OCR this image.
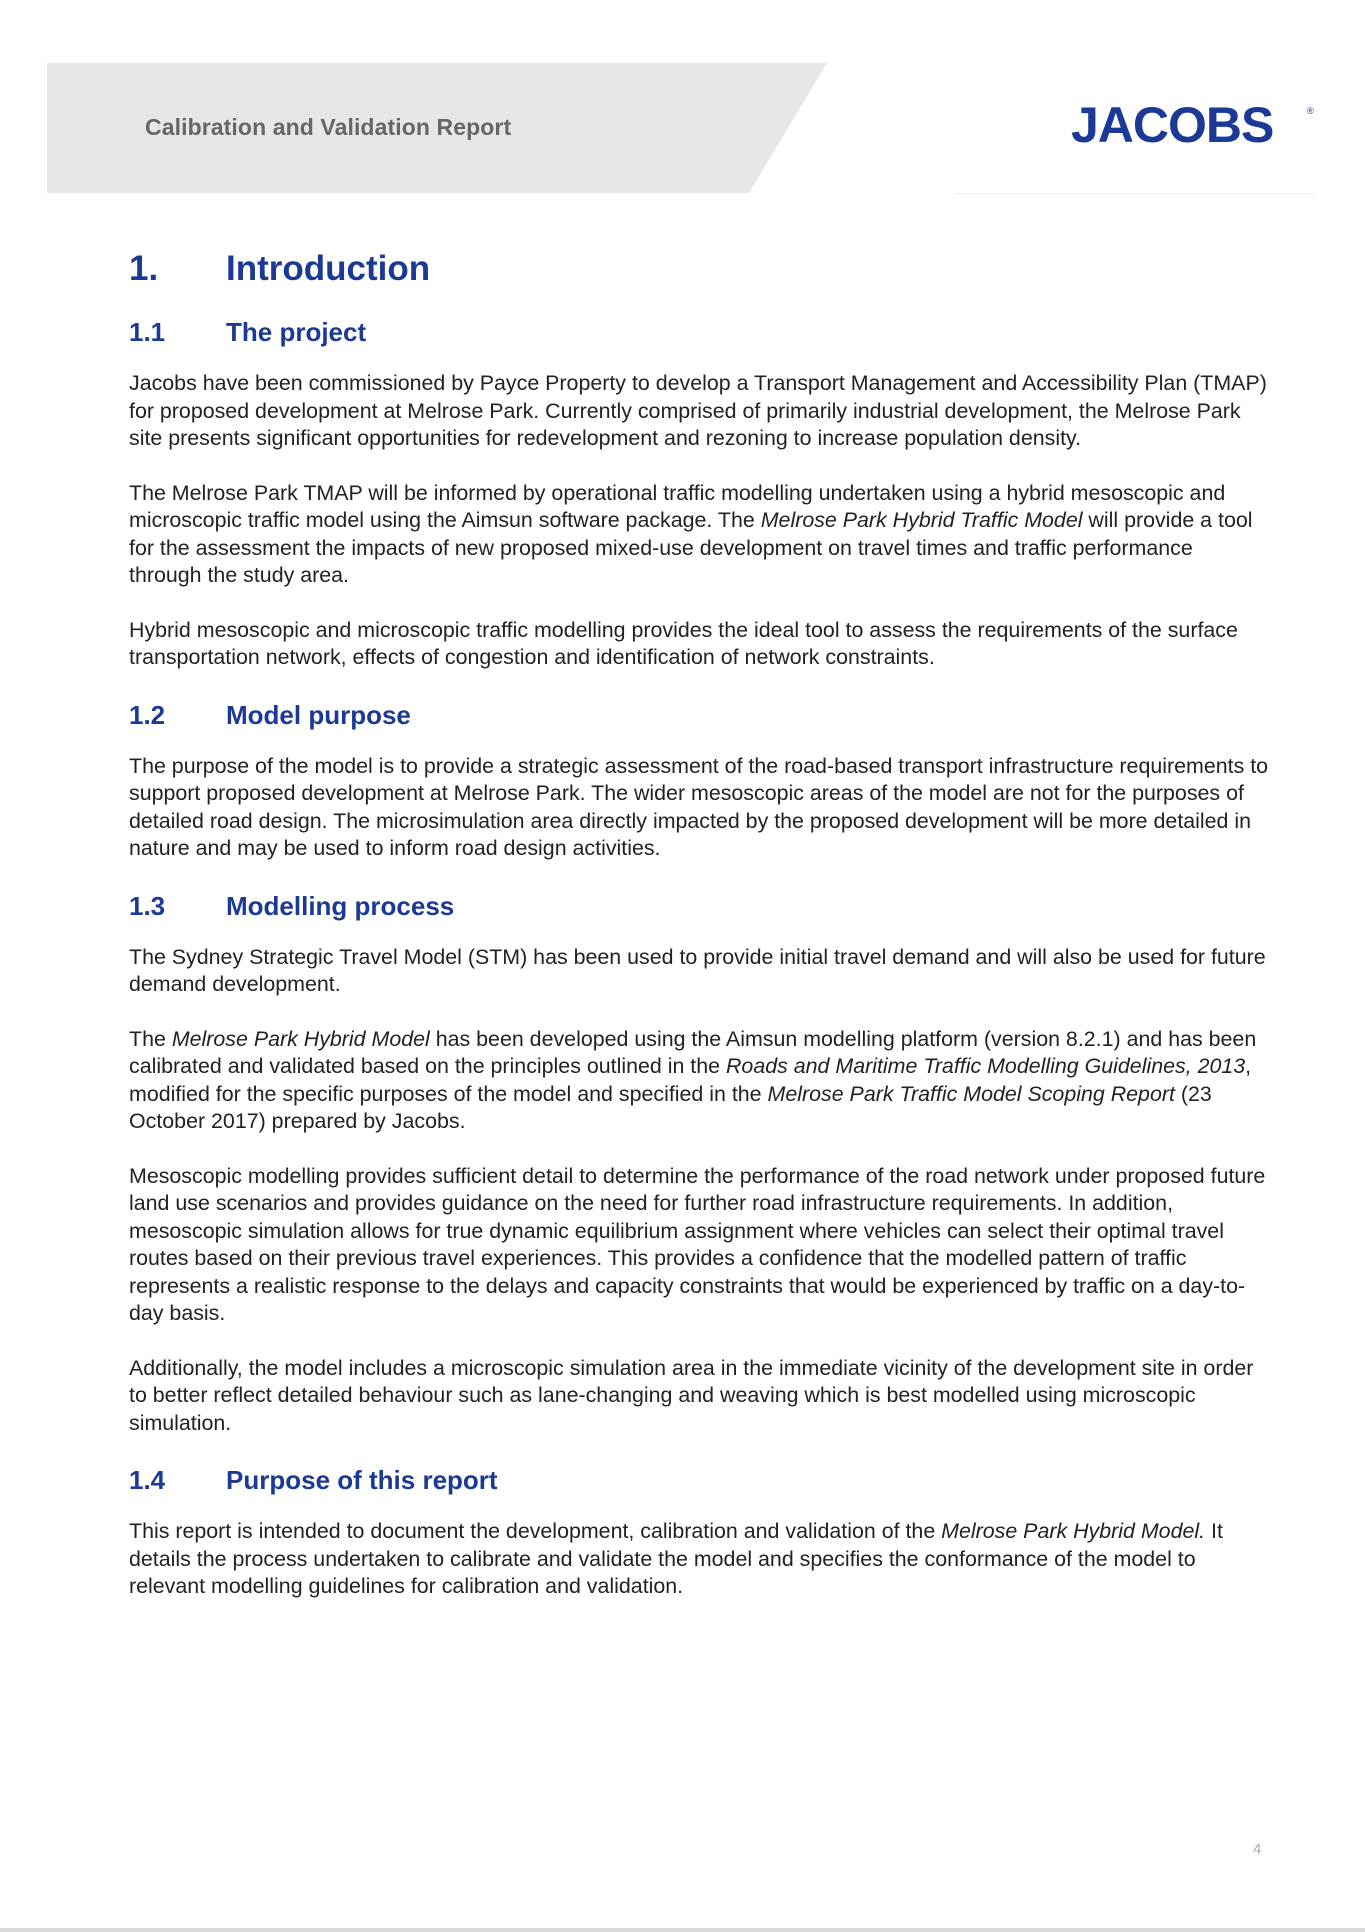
Calibration and Validation Report	JACOBS	®
1.	Introduction
1.1	The project

Jacobs have been commissioned by Payce Property to develop a Transport Management and Accessibility Plan (TMAP) for proposed development at Melrose Park. Currently comprised of primarily industrial development, the Melrose Park site presents significant opportunities for redevelopment and rezoning to increase population density.

The Melrose Park TMAP will be informed by operational traffic modelling undertaken using a hybrid mesoscopic and microscopic traffic model using the Aimsun software package. The Melrose Park Hybrid Traffic Model will provide a tool for the assessment the impacts of new proposed mixed-use development on travel times and traffic performance through the study area.

Hybrid mesoscopic and microscopic traffic modelling provides the ideal tool to assess the requirements of the surface transportation network, effects of congestion and identification of network constraints.

1.2	Model purpose

The purpose of the model is to provide a strategic assessment of the road-based transport infrastructure requirements to support proposed development at Melrose Park. The wider mesoscopic areas of the model are not for the purposes of detailed road design. The microsimulation area directly impacted by the proposed development will be more detailed in nature and may be used to inform road design activities.

1.3	Modelling process

The Sydney Strategic Travel Model (STM) has been used to provide initial travel demand and will also be used for future demand development.

The Melrose Park Hybrid Model has been developed using the Aimsun modelling platform (version 8.2.1) and has been calibrated and validated based on the principles outlined in the Roads and Maritime Traffic Modelling Guidelines, 2013, modified for the specific purposes of the model and specified in the Melrose Park Traffic Model Scoping Report (23 October 2017) prepared by Jacobs.

Mesoscopic modelling provides sufficient detail to determine the performance of the road network under proposed future land use scenarios and provides guidance on the need for further road infrastructure requirements. In addition, mesoscopic simulation allows for true dynamic equilibrium assignment where vehicles can select their optimal travel routes based on their previous travel experiences. This provides a confidence that the modelled pattern of traffic represents a realistic response to the delays and capacity constraints that would be experienced by traffic on a day-to-day basis.

Additionally, the model includes a microscopic simulation area in the immediate vicinity of the development site in order to better reflect detailed behaviour such as lane-changing and weaving which is best modelled using microscopic simulation.

1.4	Purpose of this report

This report is intended to document the development, calibration and validation of the Melrose Park Hybrid Model. It details the process undertaken to calibrate and validate the model and specifies the conformance of the model to relevant modelling guidelines for calibration and validation.

4
